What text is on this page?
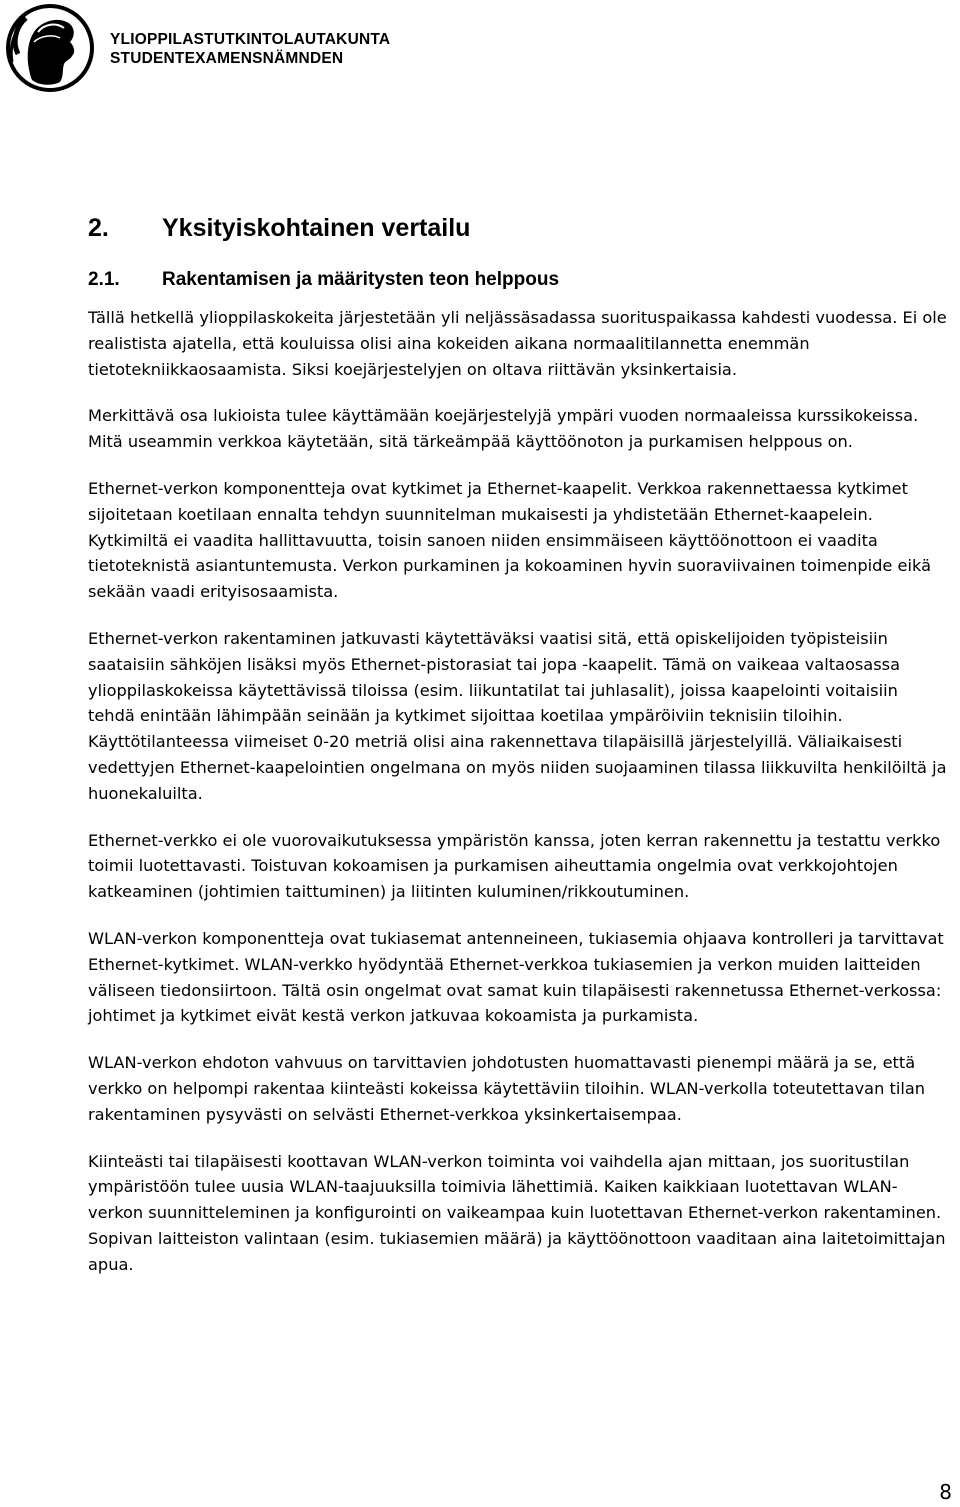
YLIOPPILASTUTKINTOLAUTAKUNTA
STUDENTEXAMENSNÄMNDEN
2.	Yksityiskohtainen vertailu
2.1.	Rakentamisen ja määritysten teon helppous

Tällä hetkellä ylioppilaskokeita järjestetään yli neljässäsadassa suorituspaikassa kahdesti vuodessa. Ei ole realistista ajatella, että kouluissa olisi aina kokeiden aikana normaalitilannetta enemmän tietotekniikkaosaamista. Siksi koejärjestelyjen on oltava riittävän yksinkertaisia.

Merkittävä osa lukioista tulee käyttämään koejärjestelyjä ympäri vuoden normaaleissa kurssikokeissa. Mitä useammin verkkoa käytetään, sitä tärkeämpää käyttöönoton ja purkamisen helppous on.

Ethernet-verkon komponentteja ovat kytkimet ja Ethernet-kaapelit. Verkkoa rakennettaessa kytkimet sijoitetaan koetilaan ennalta tehdyn suunnitelman mukaisesti ja yhdistetään Ethernet-kaapelein. Kytkimiltä ei vaadita hallittavuutta, toisin sanoen niiden ensimmäiseen käyttöönottoon ei vaadita tietoteknistä asiantuntemusta. Verkon purkaminen ja kokoaminen hyvin suoraviivainen toimenpide eikä sekään vaadi erityisosaamista.

Ethernet-verkon rakentaminen jatkuvasti käytettäväksi vaatisi sitä, että opiskelijoiden työpisteisiin saataisiin sähköjen lisäksi myös Ethernet-pistorasiat tai jopa -kaapelit. Tämä on vaikeaa valtaosassa ylioppilaskokeissa käytettävissä tiloissa (esim. liikuntatilat tai juhlasalit), joissa kaapelointi voitaisiin tehdä enintään lähimpään seinään ja kytkimet sijoittaa koetilaa ympäröiviin teknisiin tiloihin. Käyttötilanteessa viimeiset 0-20 metriä olisi aina rakennettava tilapäisillä järjestelyillä. Väliaikaisesti vedettyjen Ethernet-kaapelointien ongelmana on myös niiden suojaaminen tilassa liikkuvilta henkilöiltä ja huonekaluilta.

Ethernet-verkko ei ole vuorovaikutuksessa ympäristön kanssa, joten kerran rakennettu ja testattu verkko toimii luotettavasti. Toistuvan kokoamisen ja purkamisen aiheuttamia ongelmia ovat verkkojohtojen katkeaminen (johtimien taittuminen) ja liitinten kuluminen/rikkoutuminen.

WLAN-verkon komponentteja ovat tukiasemat antenneineen, tukiasemia ohjaava kontrolleri ja tarvittavat Ethernet-kytkimet. WLAN-verkko hyödyntää Ethernet-verkkoa tukiasemien ja verkon muiden laitteiden väliseen tiedonsiirtoon. Tältä osin ongelmat ovat samat kuin tilapäisesti rakennetussa Ethernet-verkossa: johtimet ja kytkimet eivät kestä verkon jatkuvaa kokoamista ja purkamista.

WLAN-verkon ehdoton vahvuus on tarvittavien johdotusten huomattavasti pienempi määrä ja se, että verkko on helpompi rakentaa kiinteästi kokeissa käytettäviin tiloihin. WLAN-verkolla toteutettavan tilan rakentaminen pysyvästi on selvästi Ethernet-verkkoa yksinkertaisempaa.

Kiinteästi tai tilapäisesti koottavan WLAN-verkon toiminta voi vaihdella ajan mittaan, jos suoritustilan ympäristöön tulee uusia WLAN-taajuuksilla toimivia lähettimiä. Kaiken kaikkiaan luotettavan WLAN-verkon suunnitteleminen ja konfigurointi on vaikeampaa kuin luotettavan Ethernet-verkon rakentaminen. Sopivan laitteiston valintaan (esim. tukiasemien määrä) ja käyttöönottoon vaaditaan aina laitetoimittajan apua.

8
